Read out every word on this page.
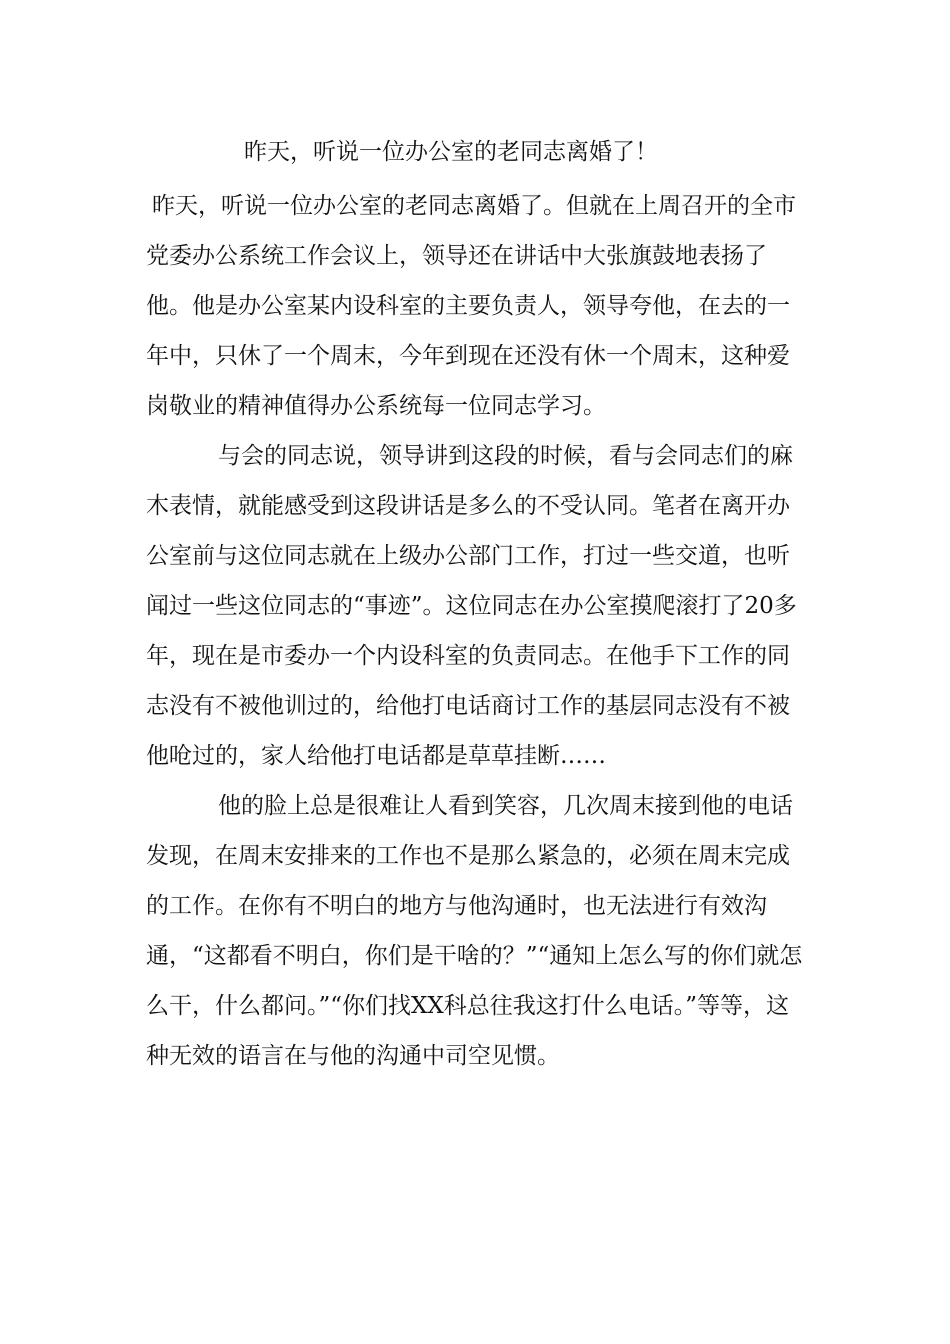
昨天，听说一位办公室的老同志离婚了！

昨天，听说一位办公室的老同志离婚了。但就在上周召开的全市党委办公系统工作会议上，领导还在讲话中大张旗鼓地表扬了他。他是办公室某内设科室的主要负责人，领导夸他，在去的一年中，只休了一个周末，今年到现在还没有休一个周末，这种爱岗敬业的精神值得办公系统每一位同志学习。

与会的同志说，领导讲到这段的时候，看与会同志们的麻木表情，就能感受到这段讲话是多么的不受认同。笔者在离开办公室前与这位同志就在上级办公部门工作，打过一些交道，也听闻过一些这位同志的“事迹”。这位同志在办公室摸爬滚打了20多年，现在是市委办一个内设科室的负责同志。在他手下工作的同志没有不被他训过的，给他打电话商讨工作的基层同志没有不被他呛过的，家人给他打电话都是草草挂断……

他的脸上总是很难让人看到笑容，几次周末接到他的电话发现，在周末安排来的工作也不是那么紧急的，必须在周末完成的工作。在你有不明白的地方与他沟通时，也无法进行有效沟通，“这都看不明白，你们是干啥的？”“通知上怎么写的你们就怎么干，什么都问。”“你们找XX科总往我这打什么电话。”等等，这种无效的语言在与他的沟通中司空见惯。
